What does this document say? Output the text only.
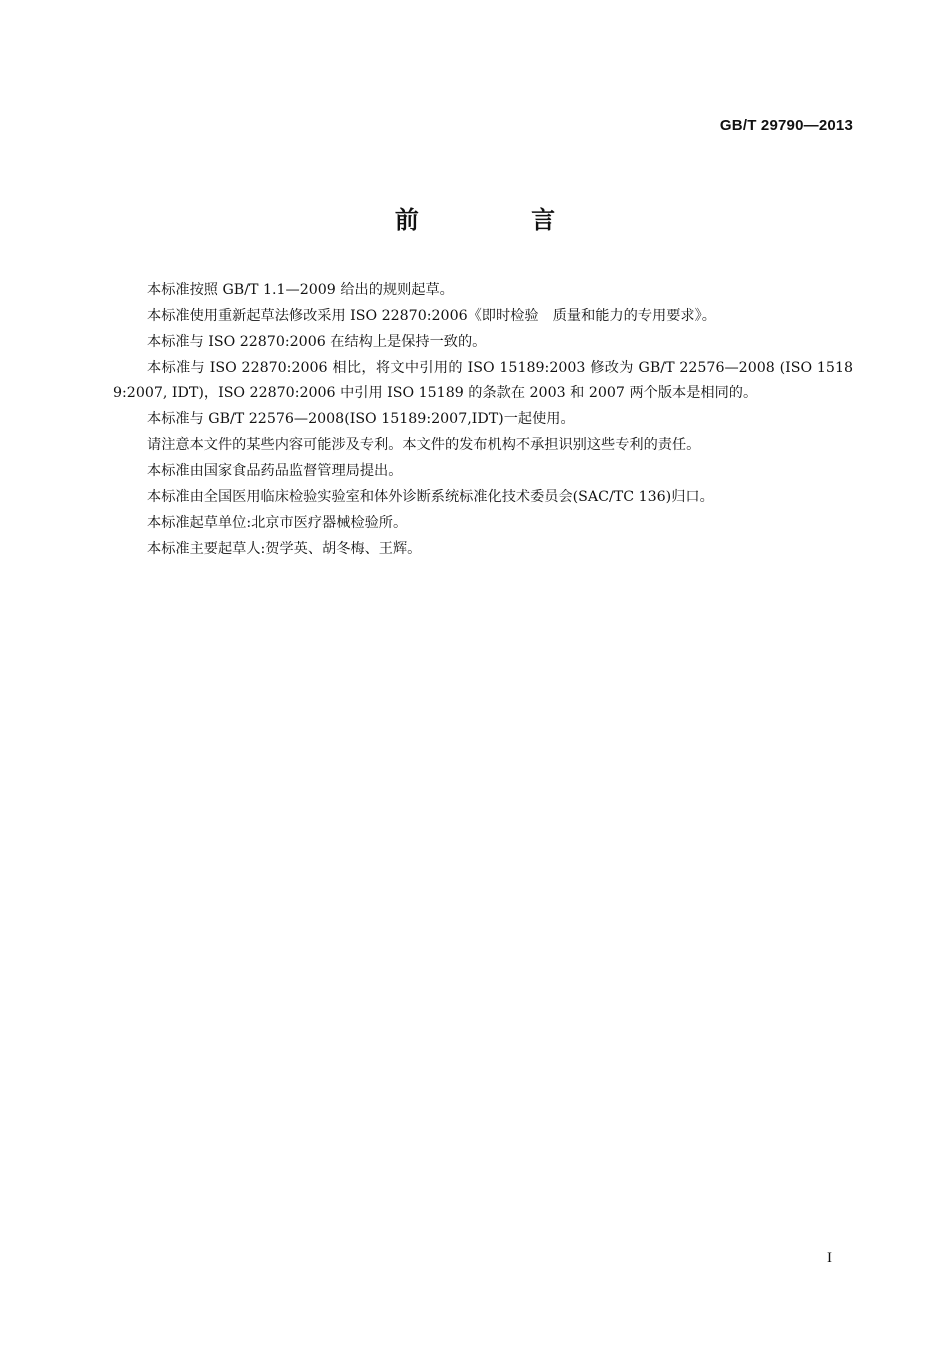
GB/T 29790—2013
前 言

本标准按照 GB/T 1.1—2009 给出的规则起草。

本标准使用重新起草法修改采用 ISO 22870:2006《即时检验　质量和能力的专用要求》。

本标准与 ISO 22870:2006 在结构上是保持一致的。

本标准与 ISO 22870:2006 相比，将文中引用的 ISO 15189:2003 修改为 GB/T 22576—2008 (ISO 15189:2007, IDT)，ISO 22870:2006 中引用 ISO 15189 的条款在 2003 和 2007 两个版本是相同的。

本标准与 GB/T 22576—2008(ISO 15189:2007,IDT)一起使用。

请注意本文件的某些内容可能涉及专利。本文件的发布机构不承担识别这些专利的责任。

本标准由国家食品药品监督管理局提出。

本标准由全国医用临床检验实验室和体外诊断系统标准化技术委员会(SAC/TC 136)归口。

本标准起草单位:北京市医疗器械检验所。

本标准主要起草人:贺学英、胡冬梅、王辉。

I
